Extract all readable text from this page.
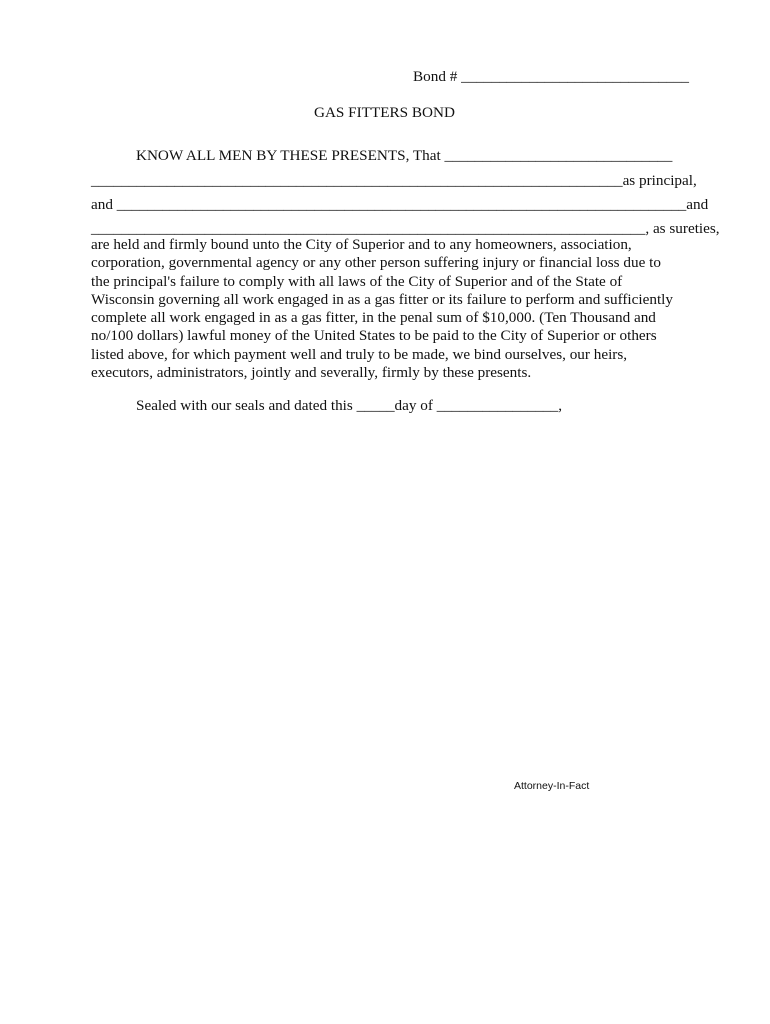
Bond # ______________________________
GAS FITTERS BOND
KNOW ALL MEN BY THESE PRESENTS, That ______________________________
______________________________________________________________________as principal,
and ___________________________________________________________________________and
_________________________________________________________________________, as sureties,
are held and firmly bound unto the City of Superior and to any homeowners, association,
corporation, governmental agency or any other person suffering injury or financial loss due to
the principal's failure to comply with all laws of the City of Superior and of the State of
Wisconsin governing all work engaged in as a gas fitter or its failure to perform and sufficiently
complete all work engaged in as a gas fitter, in the penal sum of $10,000. (Ten Thousand and
no/100 dollars) lawful money of the United States to be paid to the City of Superior or others
listed above, for which payment well and truly to be made, we bind ourselves, our heirs,
executors, administrators, jointly and severally, firmly by these presents.
Sealed with our seals and dated this _____day of ________________,
Attorney-In-Fact
